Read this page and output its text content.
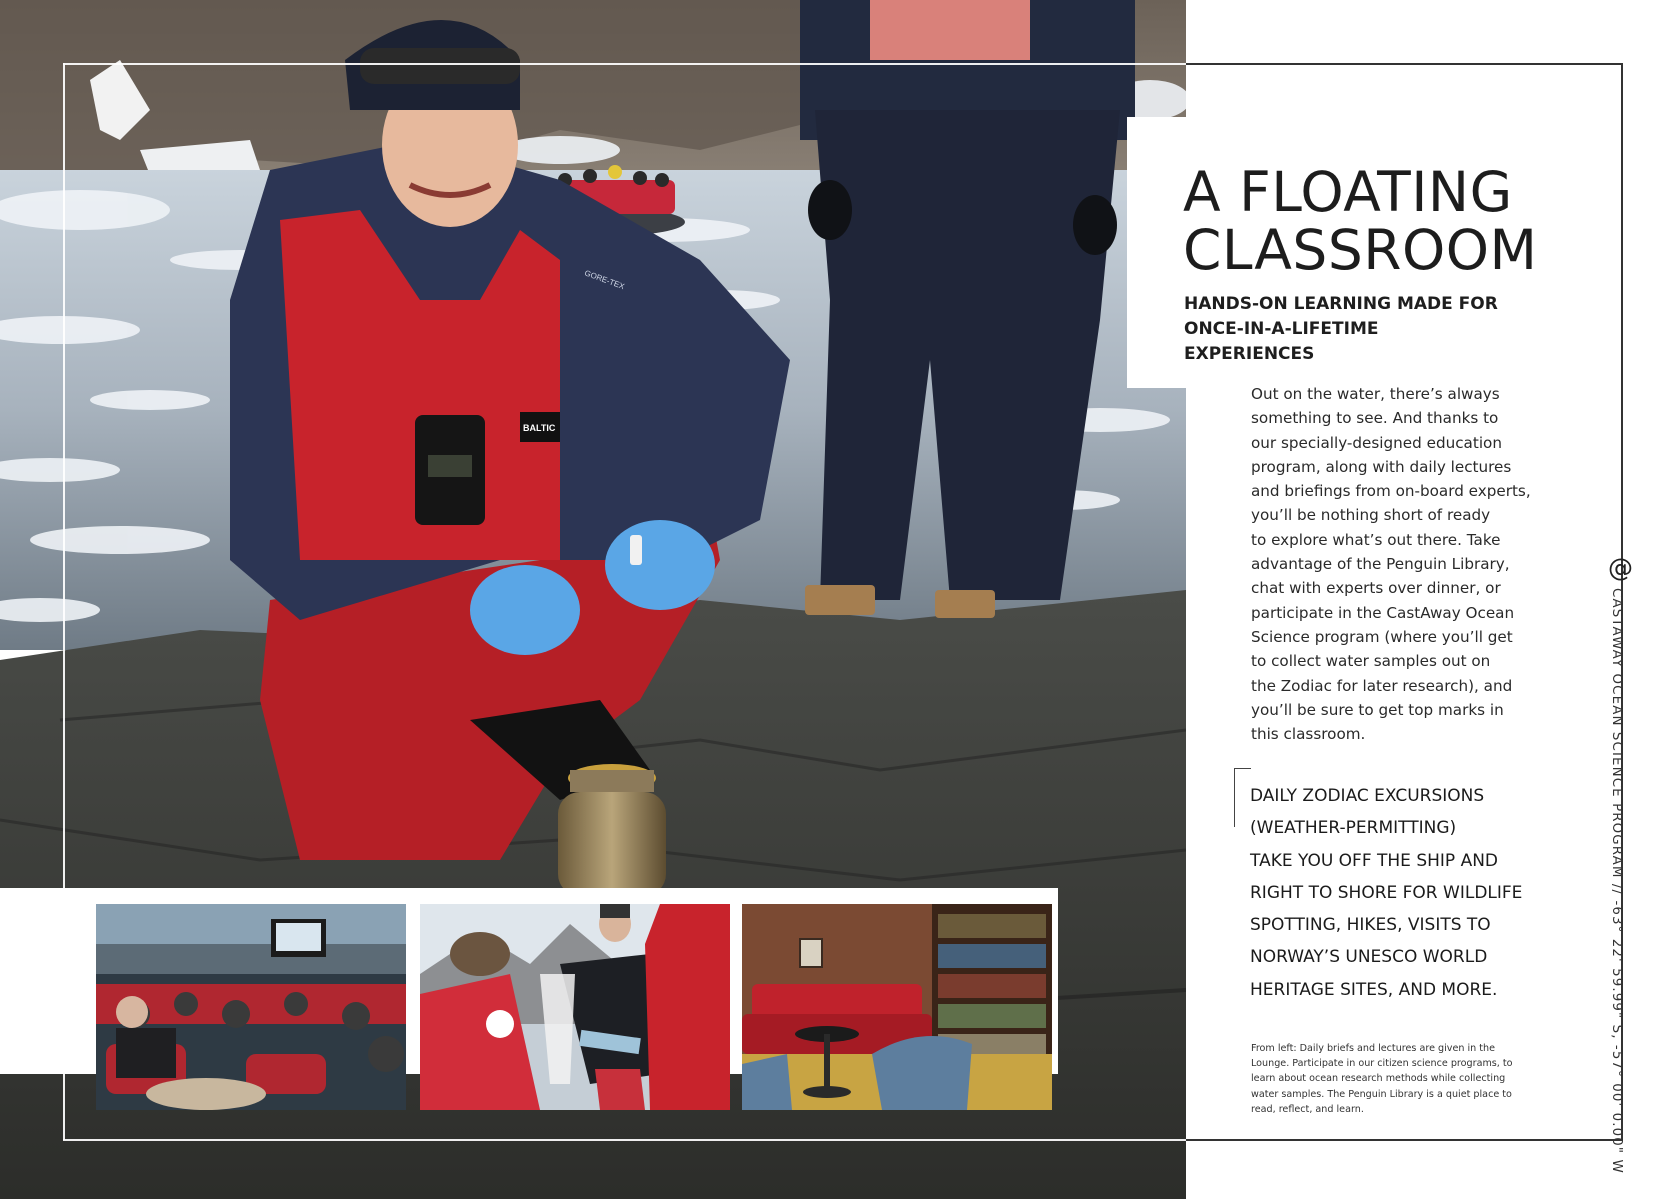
BALTIC
GORE-TEX
A FLOATING
CLASSROOM
HANDS-ON LEARNING MADE FOR
ONCE-IN-A-LIFETIME EXPERIENCES

Out on the water, there’s always
something to see. And thanks to
our specially-designed education
program, along with daily lectures
and briefings from on-board experts,
you’ll be nothing short of ready
to explore what’s out there. Take
advantage of the Penguin Library,
chat with experts over dinner, or
participate in the CastAway Ocean
Science program (where you’ll get
to collect water samples out on
the Zodiac for later research), and
you’ll be sure to get top marks in
this classroom.

DAILY ZODIAC EXCURSIONS
(WEATHER-PERMITTING)
TAKE YOU OFF THE SHIP AND
RIGHT TO SHORE FOR WILDLIFE
SPOTTING, HIKES, VISITS TO
NORWAY’S UNESCO WORLD
HERITAGE SITES, AND MORE.

From left: Daily briefs and lectures are given in the
Lounge. Participate in our citizen science programs, to
learn about ocean research methods while collecting
water samples. The Penguin Library is a quiet place to
read, reflect, and learn.

@
CASTAWAY OCEAN SCIENCE PROGRAM // -63° 22' 59.99" S, -57° 00' 0.00" W
